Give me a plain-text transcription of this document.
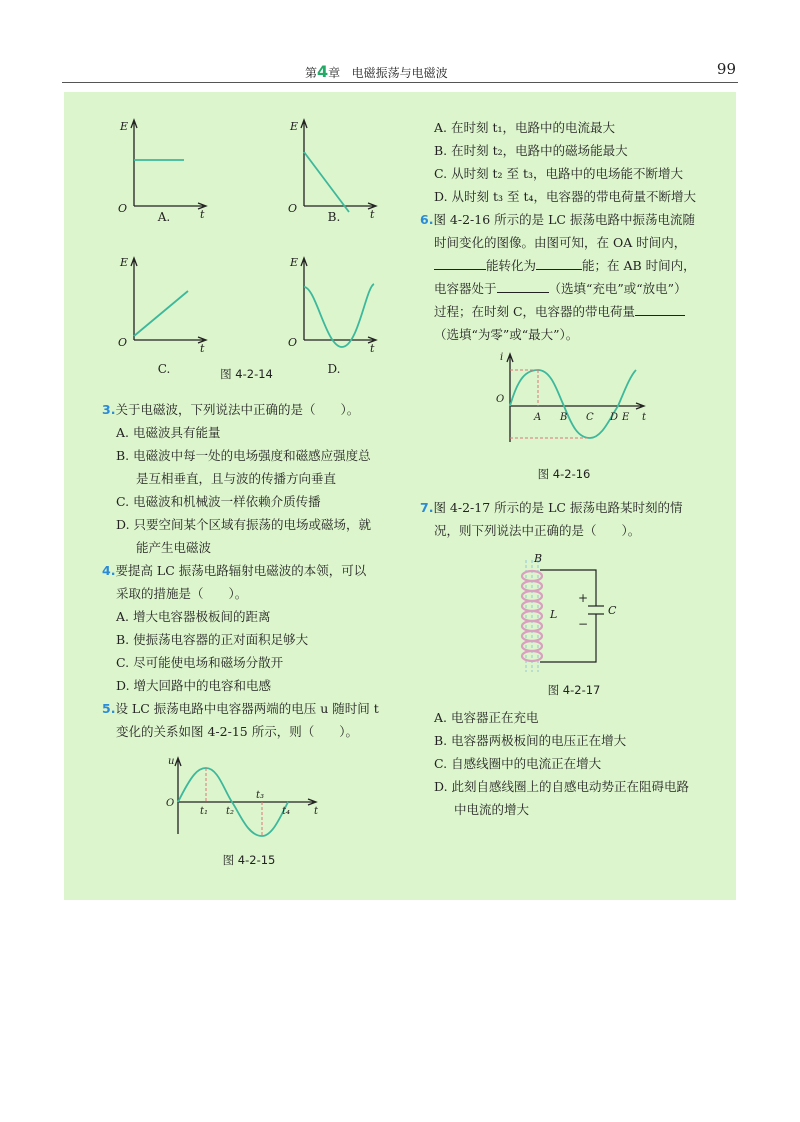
第4章 电磁振荡与电磁波	99
E
O	t
E
O	t
E
O	t
E
O	t
A.	B.
C.	D.
图 4-2-14

3.关于电磁波，下列说法中正确的是（　　）。

A. 电磁波具有能量

B. 电磁波中每一处的电场强度和磁感应强度总

是互相垂直，且与波的传播方向垂直

C. 电磁波和机械波一样依赖介质传播

D. 只要空间某个区域有振荡的电场或磁场，就

能产生电磁波

4.要提高 LC 振荡电路辐射电磁波的本领，可以

采取的措施是（　　）。

A. 增大电容器极板间的距离

B. 使振荡电容器的正对面积足够大

C. 尽可能使电场和磁场分散开

D. 增大回路中的电容和电感

5.设 LC 振荡电路中电容器两端的电压 u 随时间 t

变化的关系如图 4-2-15 所示，则（　　）。

u
O
t
t₁ t₂
t₃
t₄
图 4-2-15

A. 在时刻 t₁，电路中的电流最大

B. 在时刻 t₂，电路中的磁场能最大

C. 从时刻 t₂ 至 t₃，电路中的电场能不断增大

D. 从时刻 t₃ 至 t₄，电容器的带电荷量不断增大

6.图 4-2-16 所示的是 LC 振荡电路中振荡电流随

时间变化的图像。由图可知，在 OA 时间内，

能转化为	能；在 AB 时间内，

电容器处于	（选填“充电”或“放电”）

过程；在时刻 C，电容器的带电荷量

（选填“为零”或“最大”）。

i
O
t
A B C D E
图 4-2-16

7.图 4-2-17 所示的是 LC 振荡电路某时刻的情

况，则下列说法中正确的是（　　）。

B
L	C
+
−
图 4-2-17

A. 电容器正在充电

B. 电容器两极板间的电压正在增大

C. 自感线圈中的电流正在增大

D. 此刻自感线圈上的自感电动势正在阻碍电路

中电流的增大
